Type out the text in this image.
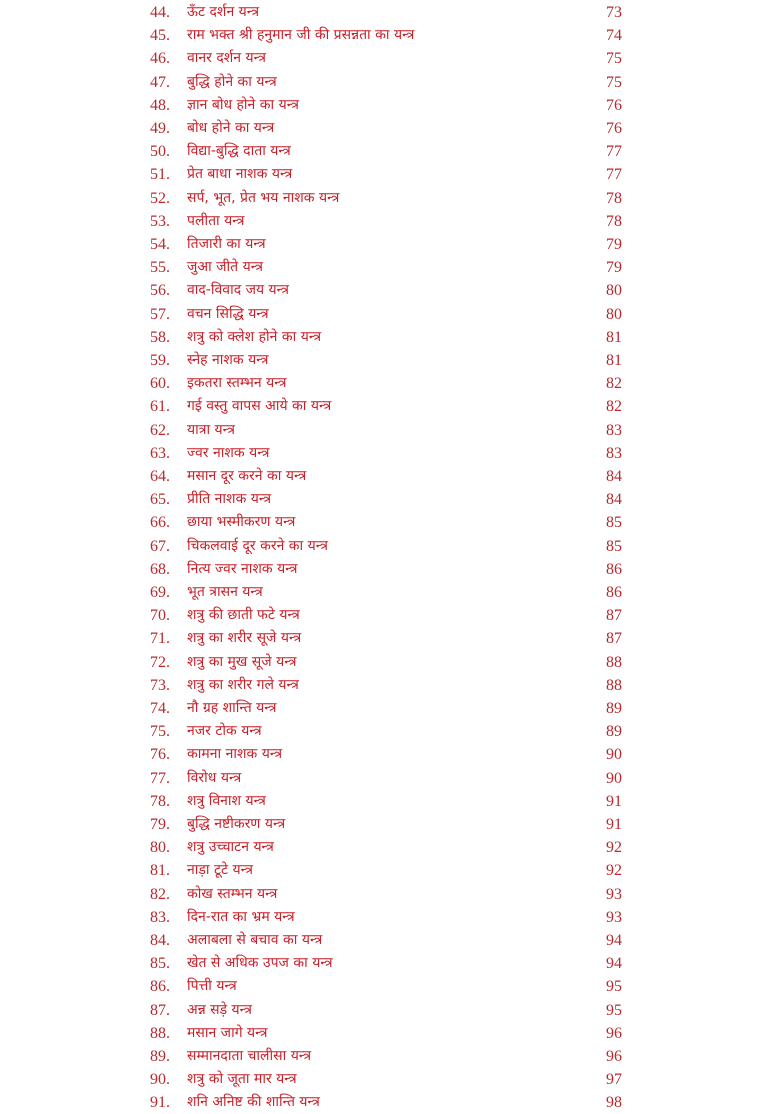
44. ऊँट दर्शन यन्त्र	73
45. राम भक्त श्री हनुमान जी की प्रसन्नता का यन्त्र	74
46. वानर दर्शन यन्त्र	75
47. बुद्धि होने का यन्त्र	75
48. ज्ञान बोध होने का यन्त्र	76
49. बोध होने का यन्त्र	76
50. विद्या-बुद्धि दाता यन्त्र	77
51. प्रेत बाधा नाशक यन्त्र	77
52. सर्प, भूत, प्रेत भय नाशक यन्त्र	78
53. पलीता यन्त्र	78
54. तिजारी का यन्त्र	79
55. जुआ जीते यन्त्र	79
56. वाद-विवाद जय यन्त्र	80
57. वचन सिद्धि यन्त्र	80
58. शत्रु को क्लेश होने का यन्त्र	81
59. स्नेह नाशक यन्त्र	81
60. इकतरा स्तम्भन यन्त्र	82
61. गई वस्तु वापस आये का यन्त्र	82
62. यात्रा यन्त्र	83
63. ज्वर नाशक यन्त्र	83
64. मसान दूर करने का यन्त्र	84
65. प्रीति नाशक यन्त्र	84
66. छाया भस्मीकरण यन्त्र	85
67. चिकलवाई दूर करने का यन्त्र	85
68. नित्य ज्वर नाशक यन्त्र	86
69. भूत त्रासन यन्त्र	86
70. शत्रु की छाती फटे यन्त्र	87
71. शत्रु का शरीर सूजे यन्त्र	87
72. शत्रु का मुख सूजे यन्त्र	88
73. शत्रु का शरीर गले यन्त्र	88
74. नौ ग्रह शान्ति यन्त्र	89
75. नजर टोक यन्त्र	89
76. कामना नाशक यन्त्र	90
77. विरोध यन्त्र	90
78. शत्रु विनाश यन्त्र	91
79. बुद्धि नष्टीकरण यन्त्र	91
80. शत्रु उच्चाटन यन्त्र	92
81. नाड़ा टूटे यन्त्र	92
82. कोख स्तम्भन यन्त्र	93
83. दिन-रात का भ्रम यन्त्र	93
84. अलाबला से बचाव का यन्त्र	94
85. खेत से अधिक उपज का यन्त्र	94
86. पित्ती यन्त्र	95
87. अन्न सड़े यन्त्र	95
88. मसान जागे यन्त्र	96
89. सम्मानदाता चालीसा यन्त्र	96
90. शत्रु को जूता मार यन्त्र	97
91. शनि अनिष्ट की शान्ति यन्त्र	98
